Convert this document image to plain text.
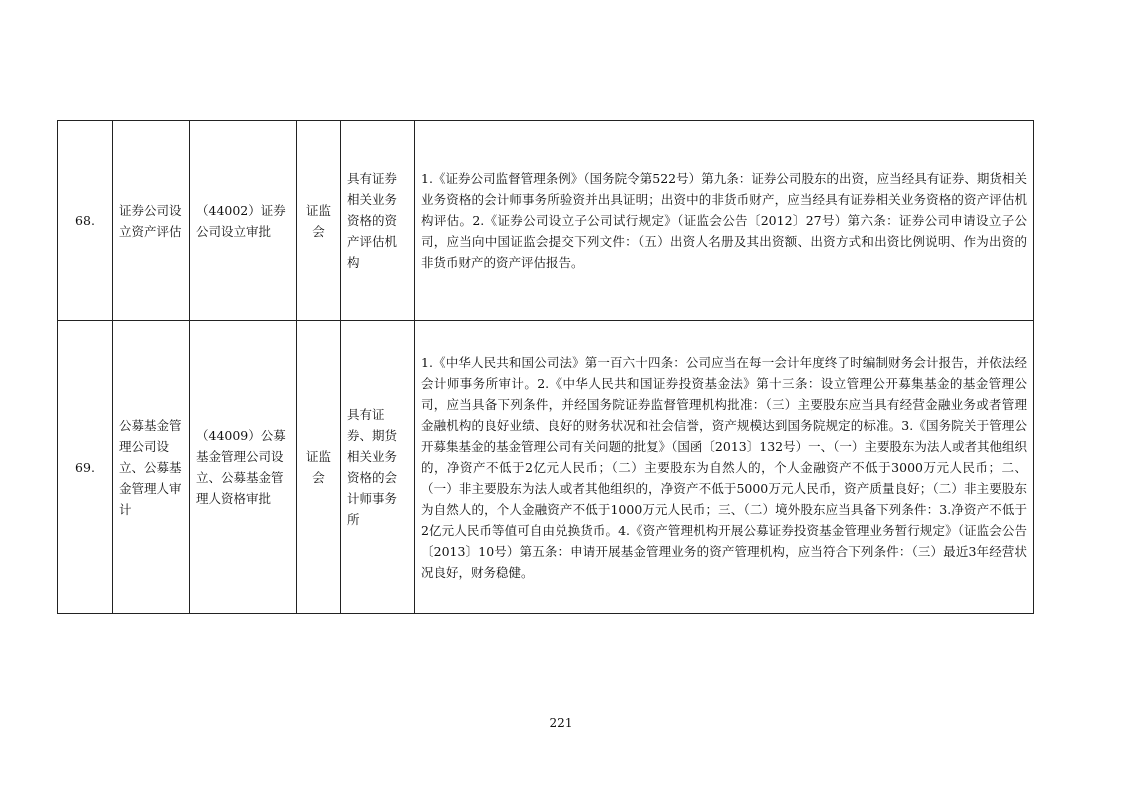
68.	证券公司设立资产评估	（44002）证券公司设立审批	证监会	具有证券相关业务资格的资产评估机构	1.《证券公司监督管理条例》（国务院令第522号）第九条：证券公司股东的出资，应当经具有证券、期货相关业务资格的会计师事务所验资并出具证明；出资中的非货币财产，应当经具有证券相关业务资格的资产评估机构评估。2.《证券公司设立子公司试行规定》（证监会公告〔2012〕27号）第六条：证券公司申请设立子公司，应当向中国证监会提交下列文件：（五）出资人名册及其出资额、出资方式和出资比例说明、作为出资的非货币财产的资产评估报告。
69.	公募基金管理公司设立、公募基金管理人审计	（44009）公募基金管理公司设立、公募基金管理人资格审批	证监会	具有证券、期货相关业务资格的会计师事务所	1.《中华人民共和国公司法》第一百六十四条：公司应当在每一会计年度终了时编制财务会计报告，并依法经会计师事务所审计。2.《中华人民共和国证券投资基金法》第十三条：设立管理公开募集基金的基金管理公司，应当具备下列条件，并经国务院证券监督管理机构批准：（三）主要股东应当具有经营金融业务或者管理金融机构的良好业绩、良好的财务状况和社会信誉，资产规模达到国务院规定的标准。3.《国务院关于管理公开募集基金的基金管理公司有关问题的批复》（国函〔2013〕132号）一、（一）主要股东为法人或者其他组织的，净资产不低于2亿元人民币；（二）主要股东为自然人的，个人金融资产不低于3000万元人民币；二、（一）非主要股东为法人或者其他组织的，净资产不低于5000万元人民币，资产质量良好；（二）非主要股东为自然人的，个人金融资产不低于1000万元人民币；三、（二）境外股东应当具备下列条件：3.净资产不低于2亿元人民币等值可自由兑换货币。4.《资产管理机构开展公募证券投资基金管理业务暂行规定》（证监会公告〔2013〕10号）第五条：申请开展基金管理业务的资产管理机构，应当符合下列条件：（三）最近3年经营状况良好，财务稳健。
221
